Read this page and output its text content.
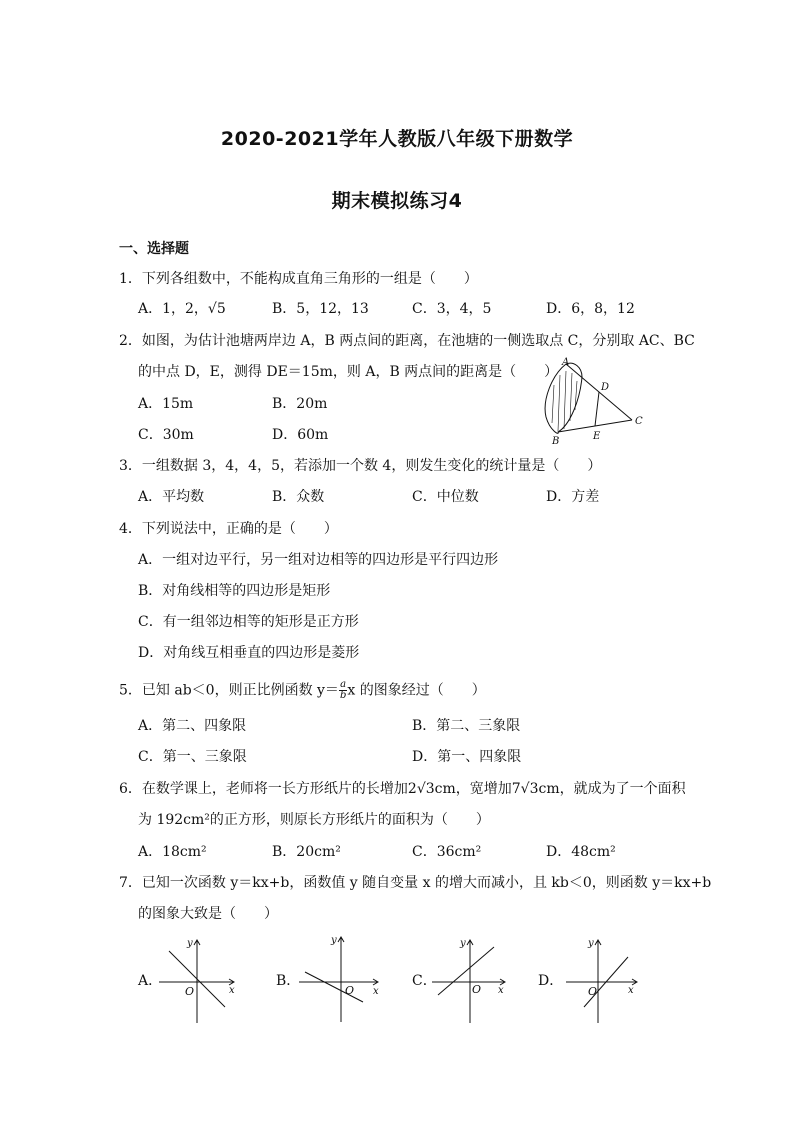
2020-2021学年人教版八年级下册数学
期末模拟练习4
一、选择题
1．下列各组数中，不能构成直角三角形的一组是（　　）
A．1，2，√5	B．5，12，13	C．3，4，5	D．6，8，12
2．如图，为估计池塘两岸边 A，B 两点间的距离，在池塘的一侧选取点 C，分别取 AC、BC
的中点 D，E，测得 DE＝15m，则 A，B 两点间的距离是（　　）
A．15m	B．20m
C．30m	D．60m
A
B
C
D
E
3．一组数据 3，4，4，5，若添加一个数 4，则发生变化的统计量是（　　）
A．平均数	B．众数	C．中位数	D．方差
4．下列说法中，正确的是（　　）
A．一组对边平行，另一组对边相等的四边形是平行四边形
B．对角线相等的四边形是矩形
C．有一组邻边相等的矩形是正方形
D．对角线互相垂直的四边形是菱形
5．已知 ab＜0，则正比例函数 $y= \frac{a}{b}$ x 的图象经过（　　）
A．第二、四象限	B．第二、三象限
C．第一、三象限	D．第一、四象限
6．在数学课上，老师将一长方形纸片的长增加2√3cm，宽增加7√3cm，就成为了一个面积
为 192cm²的正方形，则原长方形纸片的面积为（　　）
A．18cm²	B．20cm²	C．36cm²	D．48cm²
7．已知一次函数 y＝kx+b，函数值 y 随自变量 x 的增大而减小，且 kb＜0，则函数 y＝kx+b
的图象大致是（　　）
A．	B．	C．	D．
O	x
y
O x
y
O x
y
O	x
y
